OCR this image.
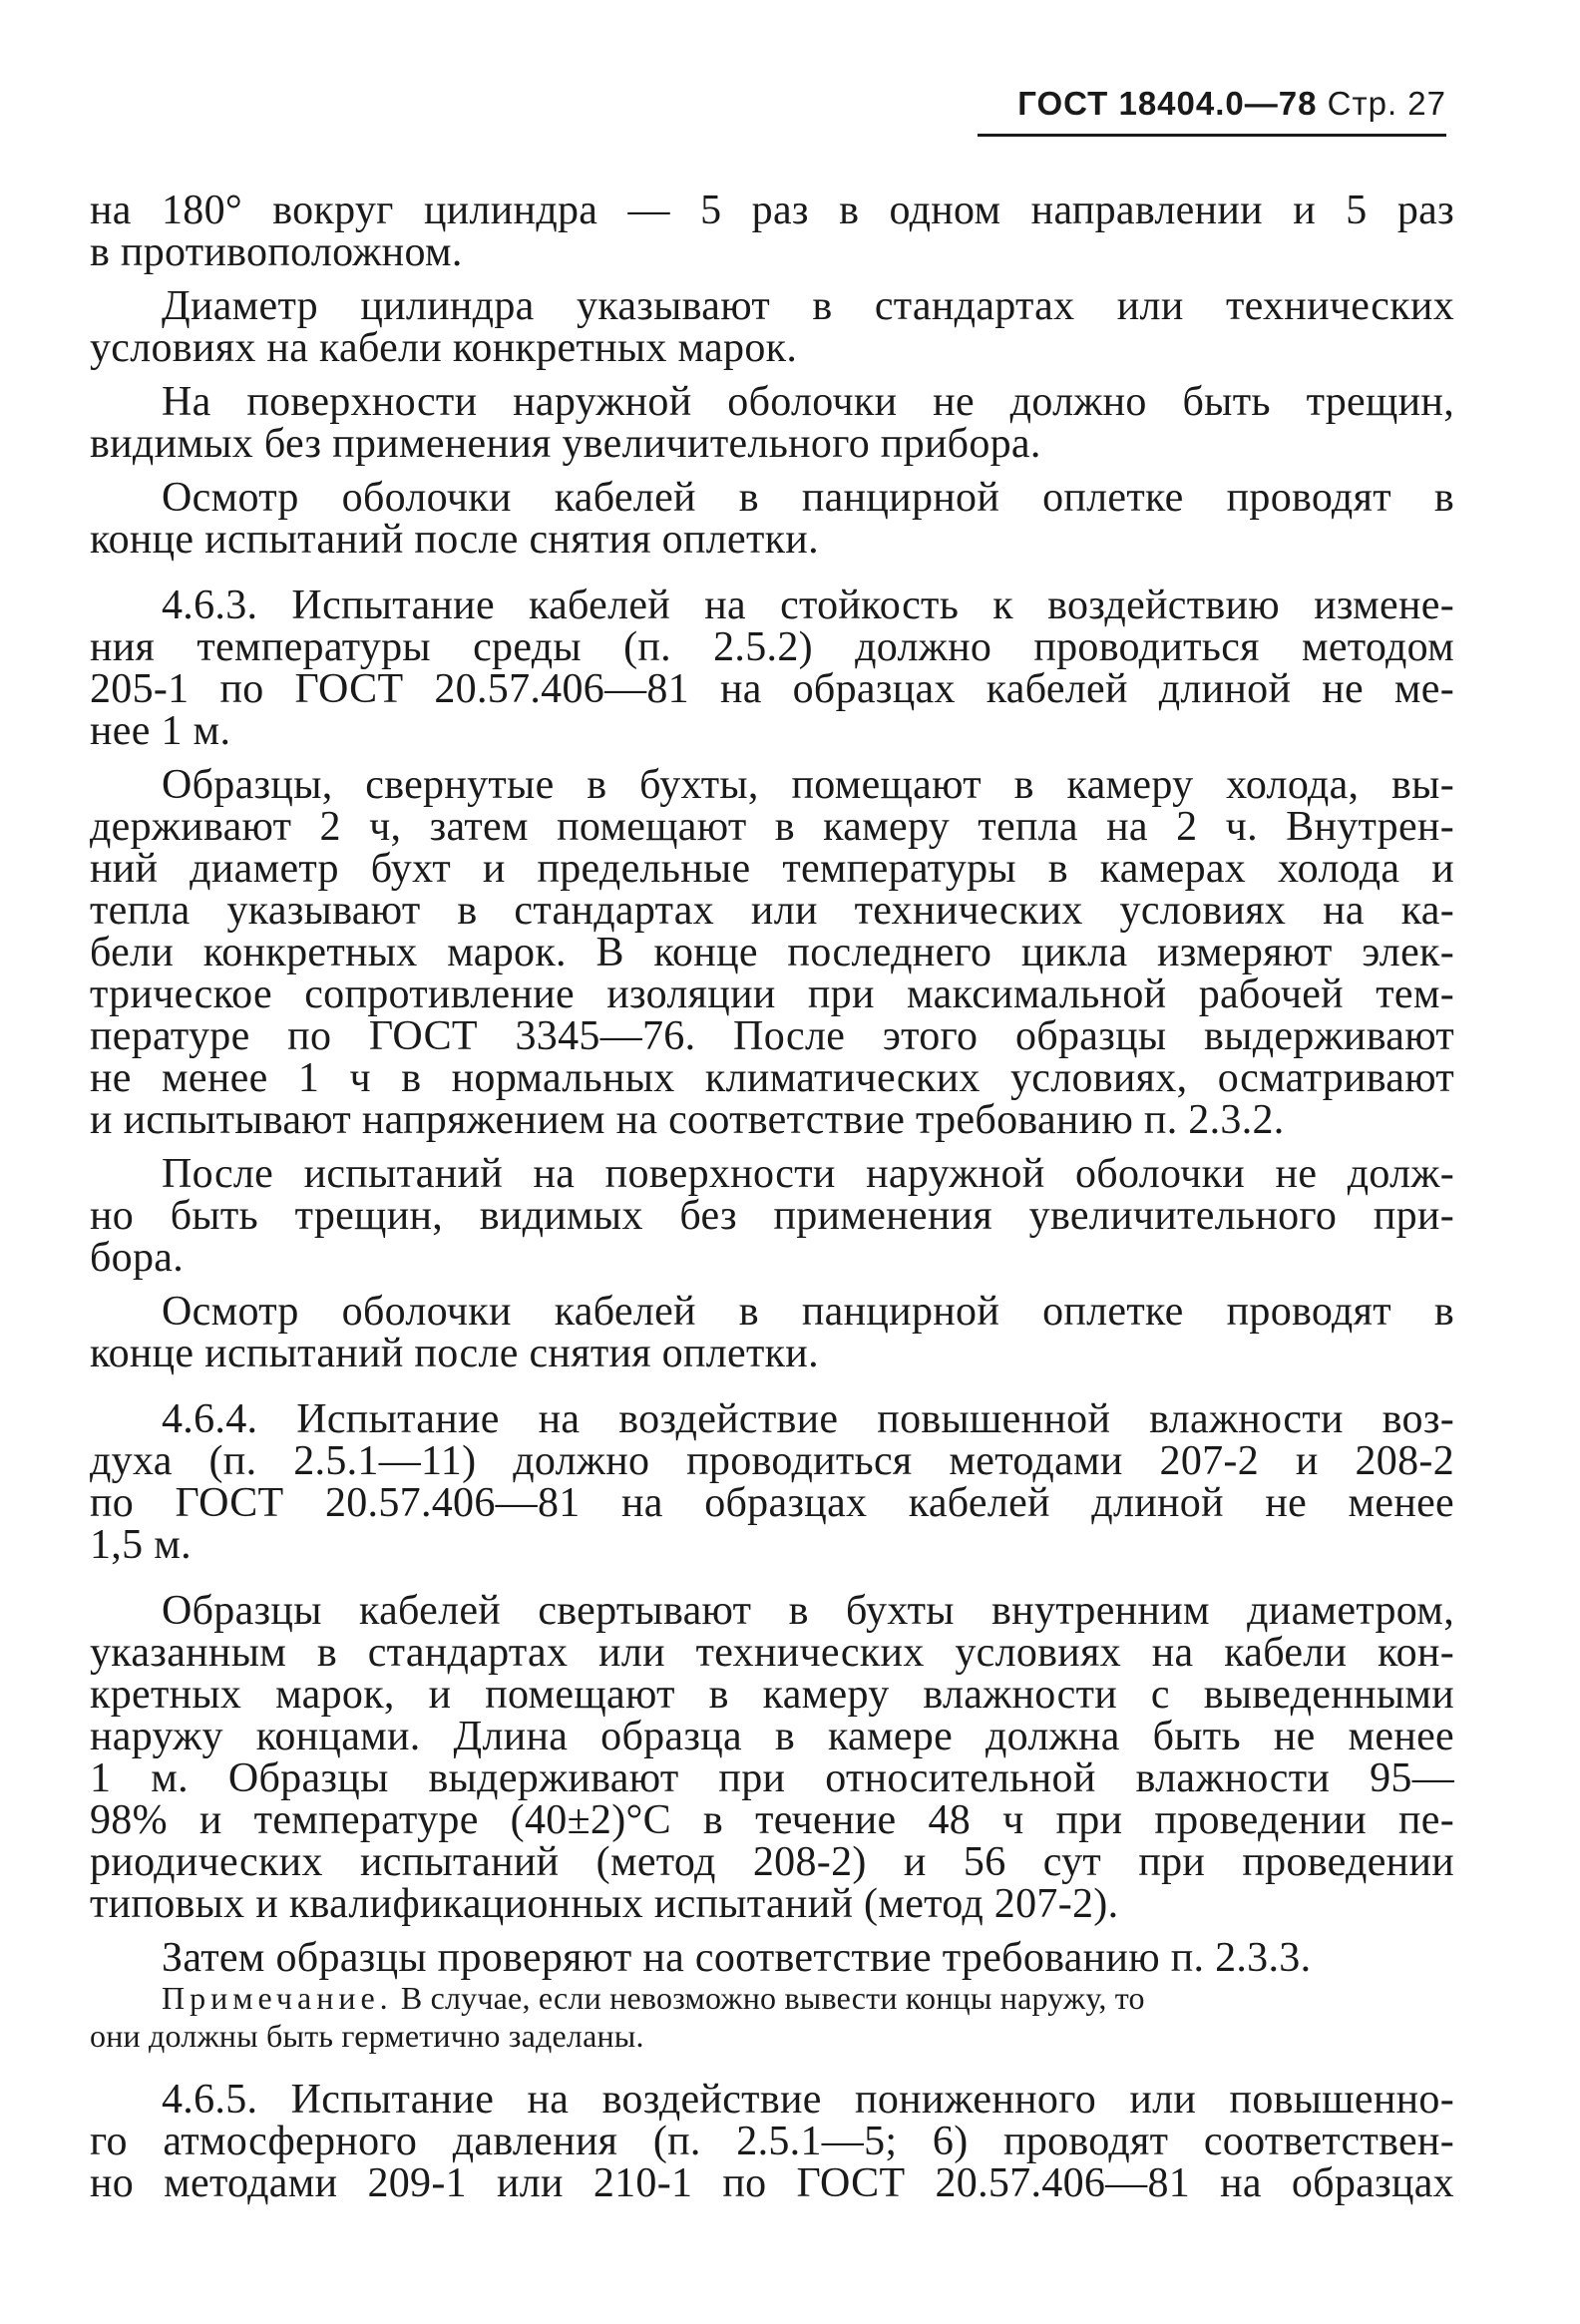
ГОСТ 18404.0—78 Стр. 27

на 180° вокруг цилиндра — 5 раз в одном направлении и 5 раз
в противоположном.

Диаметр цилиндра указывают в стандартах или технических
условиях на кабели конкретных марок.

На поверхности наружной оболочки не должно быть трещин,
видимых без применения увеличительного прибора.

Осмотр оболочки кабелей в панцирной оплетке проводят в
конце испытаний после снятия оплетки.

4.6.3. Испытание кабелей на стойкость к воздействию измене-
ния температуры среды (п. 2.5.2) должно проводиться методом
205-1 по ГОСТ 20.57.406—81 на образцах кабелей длиной не ме-
нее 1 м.

Образцы, свернутые в бухты, помещают в камеру холода, вы-
держивают 2 ч, затем помещают в камеру тепла на 2 ч. Внутрен-
ний диаметр бухт и предельные температуры в камерах холода и
тепла указывают в стандартах или технических условиях на ка-
бели конкретных марок. В конце последнего цикла измеряют элек-
трическое сопротивление изоляции при максимальной рабочей тем-
пературе по ГОСТ 3345—76. После этого образцы выдерживают
не менее 1 ч в нормальных климатических условиях, осматривают
и испытывают напряжением на соответствие требованию п. 2.3.2.

После испытаний на поверхности наружной оболочки не долж-
но быть трещин, видимых без применения увеличительного при-
бора.

Осмотр оболочки кабелей в панцирной оплетке проводят в
конце испытаний после снятия оплетки.

4.6.4. Испытание на воздействие повышенной влажности воз-
духа (п. 2.5.1—11) должно проводиться методами 207-2 и 208-2
по ГОСТ 20.57.406—81 на образцах кабелей длиной не менее
1,5 м.

Образцы кабелей свертывают в бухты внутренним диаметром,
указанным в стандартах или технических условиях на кабели кон-
кретных марок, и помещают в камеру влажности с выведенными
наружу концами. Длина образца в камере должна быть не менее
1 м. Образцы выдерживают при относительной влажности 95—
98% и температуре (40±2)°С в течение 48 ч при проведении пе-
риодических испытаний (метод 208-2) и 56 сут при проведении
типовых и квалификационных испытаний (метод 207-2).

Затем образцы проверяют на соответствие требованию п. 2.3.3.

Примечание. В случае, если невозможно вывести концы наружу, то

они должны быть герметично заделаны.

4.6.5. Испытание на воздействие пониженного или повышенно-
го атмосферного давления (п. 2.5.1—5; 6) проводят соответствен-
но методами 209-1 или 210-1 по ГОСТ 20.57.406—81 на образцах
